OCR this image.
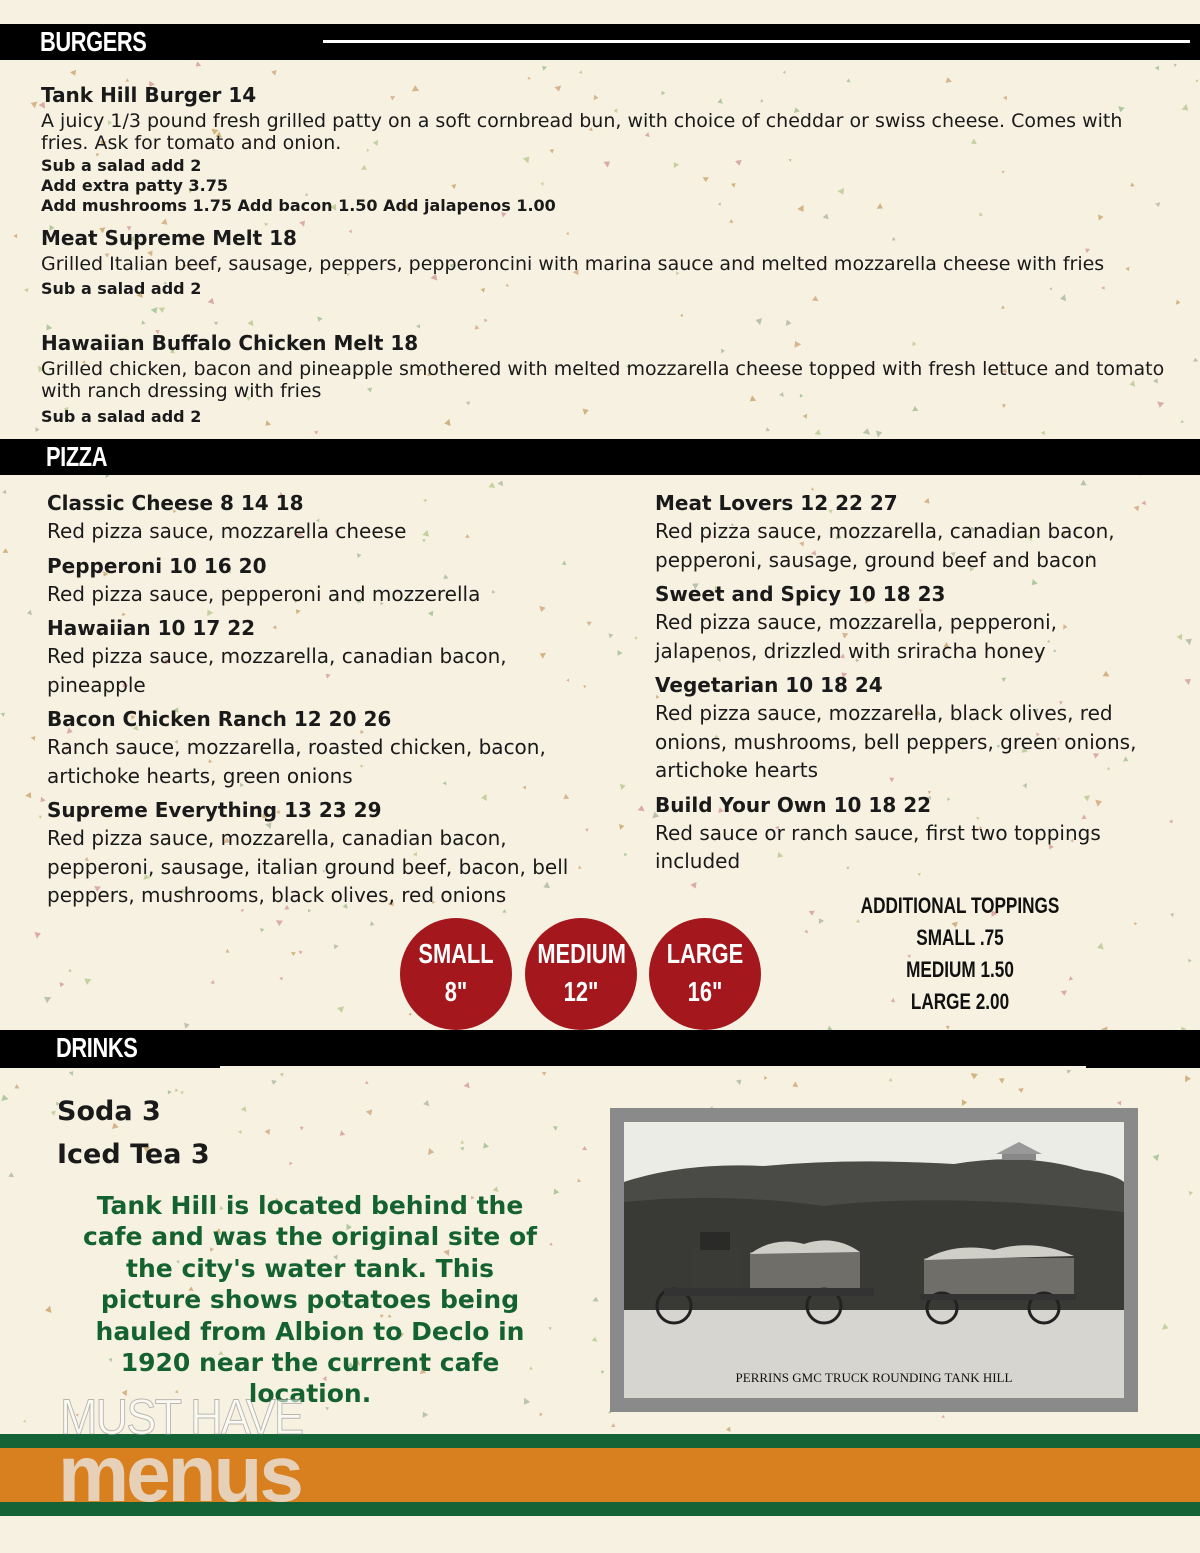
BURGERS

Tank Hill Burger 14

A juicy 1/3 pound fresh grilled patty on a soft cornbread bun, with choice of cheddar or swiss cheese. Comes with fries. Ask for tomato and onion.

Sub a salad add 2

Add extra patty 3.75

Add mushrooms 1.75 Add bacon 1.50 Add jalapenos 1.00

Meat Supreme Melt 18

Grilled Italian beef, sausage, peppers, pepperoncini with marina sauce and melted mozzarella cheese with fries

Sub a salad add 2

Hawaiian Buffalo Chicken Melt 18

Grilled chicken, bacon and pineapple smothered with melted mozzarella cheese topped with fresh lettuce and tomato with ranch dressing with fries

Sub a salad add 2

PIZZA

Classic Cheese 8 14 18

Red pizza sauce, mozzarella cheese

Pepperoni 10 16 20

Red pizza sauce, pepperoni and mozzerella

Hawaiian 10 17 22

Red pizza sauce, mozzarella, canadian bacon, pineapple

Bacon Chicken Ranch 12 20 26

Ranch sauce, mozzarella, roasted chicken, bacon, artichoke hearts, green onions

Supreme Everything 13 23 29

Red pizza sauce, mozzarella, canadian bacon, pepperoni, sausage, italian ground beef, bacon, bell peppers, mushrooms, black olives, red onions

Meat Lovers 12 22 27

Red pizza sauce, mozzarella, canadian bacon, pepperoni, sausage, ground beef and bacon

Sweet and Spicy 10 18 23

Red pizza sauce, mozzarella, pepperoni, jalapenos, drizzled with sriracha honey

Vegetarian 10 18 24

Red pizza sauce, mozzarella, black olives, red onions, mushrooms, bell peppers, green onions, artichoke hearts

Build Your Own 10 18 22

Red sauce or ranch sauce, first two toppings included

SMALL
8"
MEDIUM
12"
LARGE
16"
ADDITIONAL TOPPINGS
SMALL .75
MEDIUM 1.50
LARGE 2.00
DRINKS

Soda 3

Iced Tea 3

Tank Hill is located behind the cafe and was the original site of the city's water tank. This picture shows potatoes being hauled from Albion to Declo in 1920 near the current cafe location.
PERRINS GMC TRUCK ROUNDING TANK HILL
MUST HAVE
menus
